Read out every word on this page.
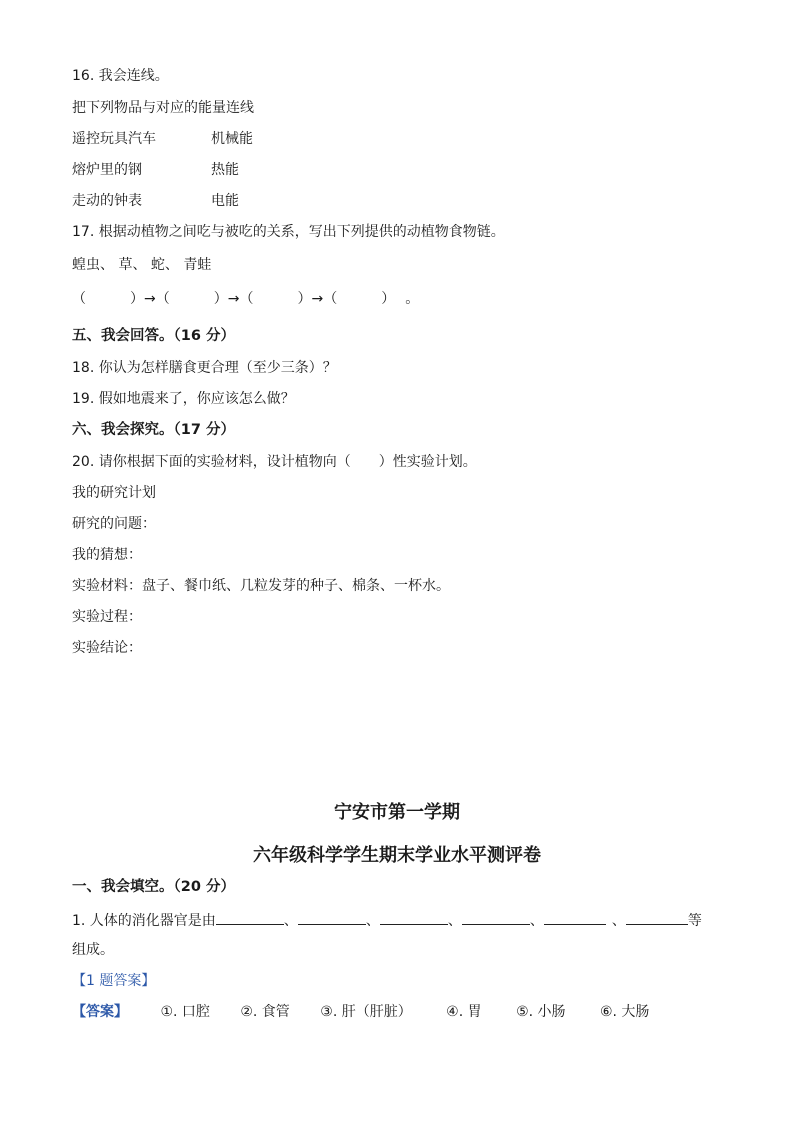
16. 我会连线。
把下列物品与对应的能量连线
遥控玩具汽车	机械能
熔炉里的钢	热能
走动的钟表	电能
17. 根据动植物之间吃与被吃的关系，写出下列提供的动植物食物链。
蝗虫、 草、 蛇、 青蛙
（	）→（	）→（	）→（	） 。
五、我会回答。（16 分）
18. 你认为怎样膳食更合理（至少三条）？
19. 假如地震来了，你应该怎么做？
六、我会探究。（17 分）
20. 请你根据下面的实验材料，设计植物向（ ）性实验计划。
我的研究计划
研究的问题：
我的猜想：
实验材料：盘子、餐巾纸、几粒发芽的种子、棉条、一杯水。
实验过程：
实验结论：
宁安市第一学期
六年级科学学生期末学业水平测评卷
一、我会填空。（20 分）
1. 人体的消化器官是由	、	、	、	、	、	等
组成。
【1 题答案】
【答案】 ①. 口腔 ②. 食管 ③. 肝（肝脏） ④. 胃 ⑤. 小肠 ⑥. 大肠
